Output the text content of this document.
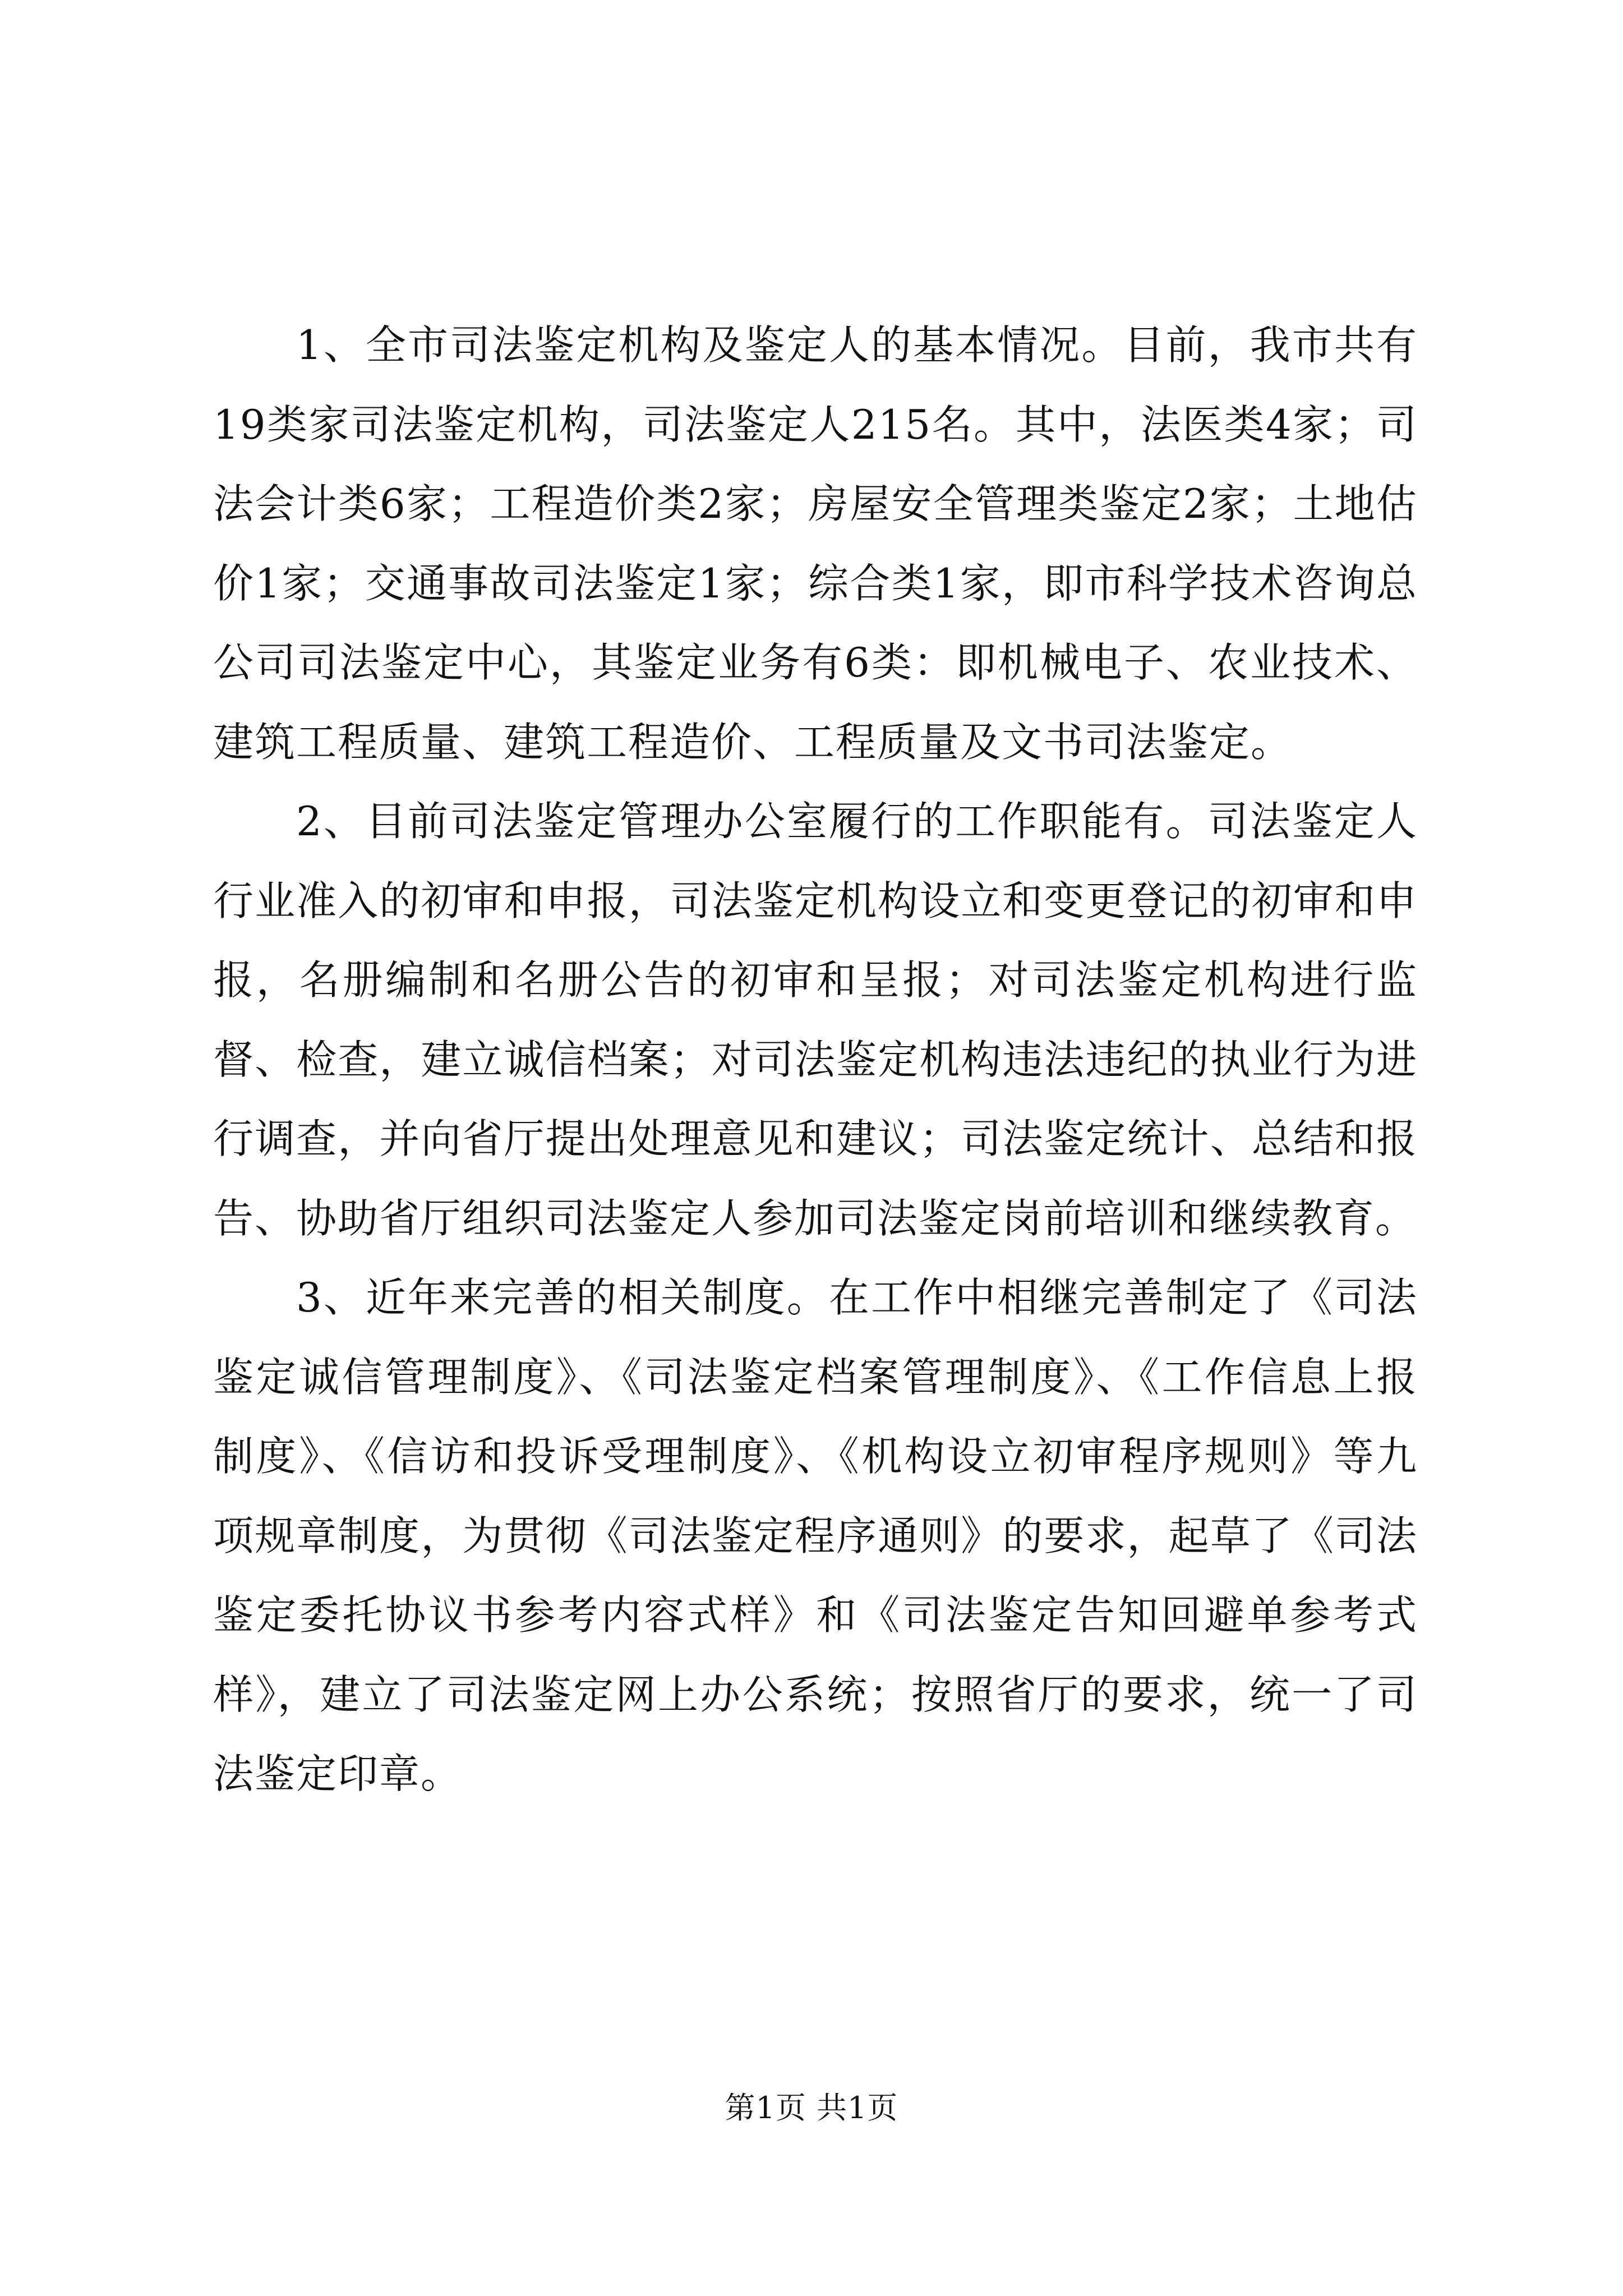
1、全市司法鉴定机构及鉴定人的基本情况。目前，我市共有19类家司法鉴定机构，司法鉴定人215名。其中，法医类4家；司法会计类6家；工程造价类2家；房屋安全管理类鉴定2家；土地估价1家；交通事故司法鉴定1家；综合类1家，即市科学技术咨询总公司司法鉴定中心，其鉴定业务有6类：即机械电子、农业技术、建筑工程质量、建筑工程造价、工程质量及文书司法鉴定。

2、目前司法鉴定管理办公室履行的工作职能有。司法鉴定人行业准入的初审和申报，司法鉴定机构设立和变更登记的初审和申报，名册编制和名册公告的初审和呈报；对司法鉴定机构进行监督、检查，建立诚信档案；对司法鉴定机构违法违纪的执业行为进行调查，并向省厅提出处理意见和建议；司法鉴定统计、总结和报告、协助省厅组织司法鉴定人参加司法鉴定岗前培训和继续教育。

3、近年来完善的相关制度。在工作中相继完善制定了《司法鉴定诚信管理制度》、《司法鉴定档案管理制度》、《工作信息上报制度》、《信访和投诉受理制度》、《机构设立初审程序规则》等九项规章制度，为贯彻《司法鉴定程序通则》的要求，起草了《司法鉴定委托协议书参考内容式样》和《司法鉴定告知回避单参考式样》，建立了司法鉴定网上办公系统；按照省厅的要求，统一了司法鉴定印章。

第1页 共1页
